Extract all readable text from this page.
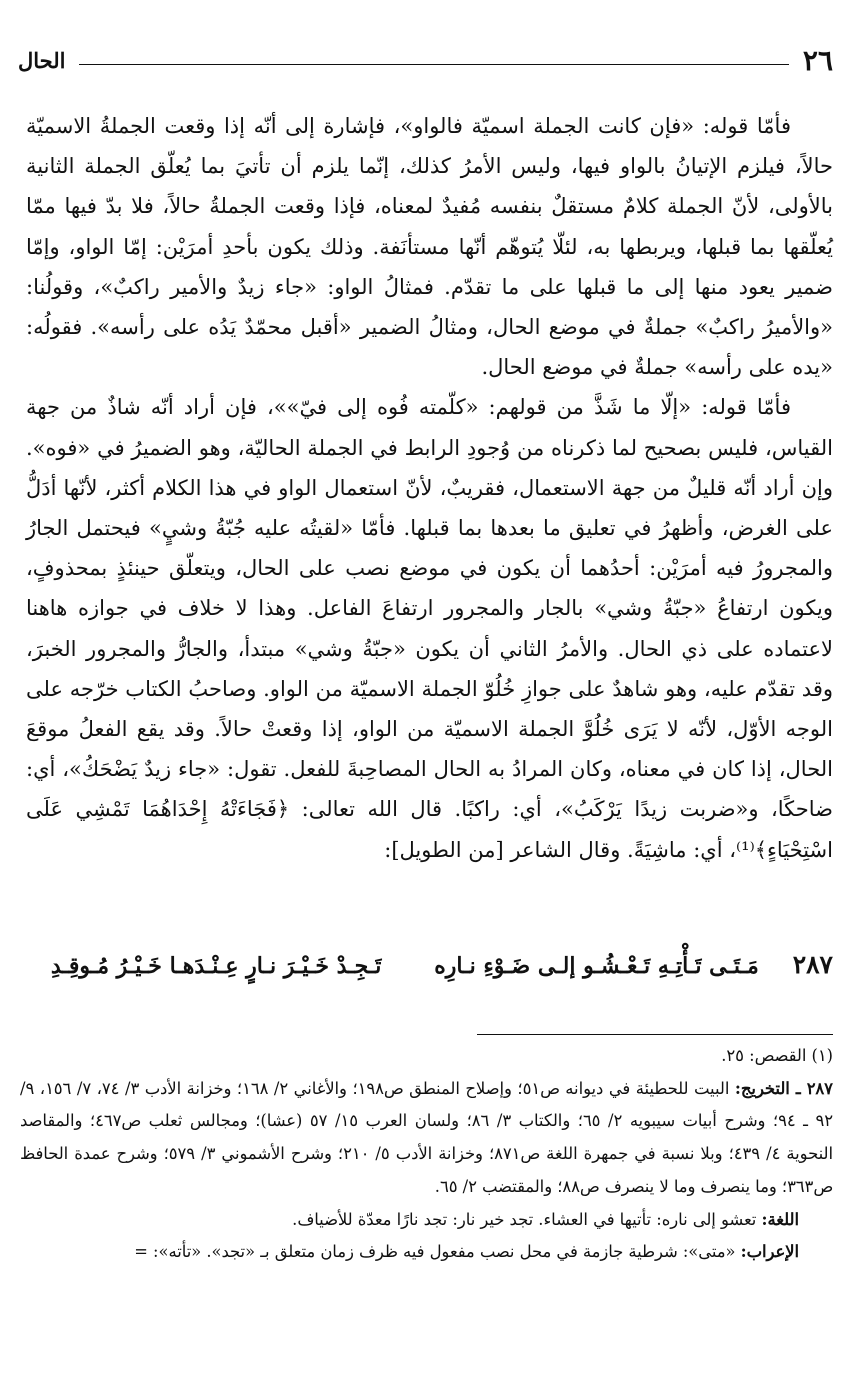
٢٦
الحال

فأمّا قوله: «فإن كانت الجملة اسميّة فالواو»، فإشارة إلى أنّه إذا وقعت الجملةُ الاسميّة حالاً، فيلزم الإتيانُ بالواو فيها، وليس الأمرُ كذلك، إنّما يلزم أن تأتيَ بما يُعلّق الجملة الثانية بالأولى، لأنّ الجملة كلامٌ مستقلٌ بنفسه مُفيدٌ لمعناه، فإذا وقعت الجملةُ حالاً، فلا بدّ فيها ممّا يُعلّقها بما قبلها، ويربطها به، لئلّا يُتوهّم أنّها مستأنَفة. وذلك يكون بأحدِ أمرَيْن: إمّا الواو، وإمّا ضمير يعود منها إلى ما قبلها على ما تقدّم. فمثالُ الواو: «جاء زيدٌ والأمير راكبٌ»، وقولُنا: «والأميرُ راكبٌ» جملةٌ في موضع الحال، ومثالُ الضمير «أقبل محمّدٌ يَدُه على رأسه». فقولُه: «يده على رأسه» جملةٌ في موضع الحال.

فأمّا قوله: «إلّا ما شَذَّ من قولهم: «كلّمته فُوه إلى فيّ»»، فإن أراد أنّه شاذٌ من جهة القياس، فليس بصحيح لما ذكرناه من وُجودِ الرابط في الجملة الحاليّة، وهو الضميرُ في «فوه». وإن أراد أنّه قليلٌ من جهة الاستعمال، فقريبٌ، لأنّ استعمال الواو في هذا الكلام أكثر، لأنّها أدَلُّ على الغرض، وأظهرُ في تعليق ما بعدها بما قبلها. فأمّا «لقيتُه عليه جُبّةُ وشيٍ» فيحتمل الجارُ والمجرورُ فيه أمرَيْن: أحدُهما أن يكون في موضع نصب على الحال، ويتعلّق حينئذٍ بمحذوفٍ، ويكون ارتفاعُ «جبّةُ وشي» بالجار والمجرور ارتفاعَ الفاعل. وهذا لا خلاف في جوازه هاهنا لاعتماده على ذي الحال. والأمرُ الثاني أن يكون «جبّةُ وشي» مبتدأ، والجارُّ والمجرور الخبرَ، وقد تقدّم عليه، وهو شاهدٌ على جوازِ خُلُوّ الجملة الاسميّة من الواو. وصاحبُ الكتاب خرّجه على الوجه الأوّل، لأنّه لا يَرَى خُلُوَّ الجملة الاسميّة من الواو، إذا وقعتْ حالاً. وقد يقع الفعلُ موقعَ الحال، إذا كان في معناه، وكان المرادُ به الحال المصاحِبةَ للفعل. تقول: «جاء زيدٌ يَضْحَكُ»، أي: ضاحكًا، و«ضربت زيدًا يَرْكَبُ»، أي: راكبًا. قال الله تعالى: ﴿فَجَاءَتْهُ إِحْدَاهُمَا تَمْشِي عَلَى اسْتِحْيَاءٍ﴾⁽¹⁾، أي: ماشِيَةً. وقال الشاعر [من الطويل]:

٢٨٧
مَـتَـى تَـأْتِـهِ تَـعْـشُـو إلـى ضَـوْءِ نـارِه
تَـجِـدْ خَـيْـرَ نـارٍ عِـنْـدَهـا خَـيْـرُ مُـوقِـدِ

(١) القصص: ٢٥.

٢٨٧ ـ التخريج: البيت للحطيئة في ديوانه ص٥١؛ وإصلاح المنطق ص١٩٨؛ والأغاني ٢/ ١٦٨؛ وخزانة الأدب ٣/ ٧٤، ٧/ ١٥٦، ٩/ ٩٢ ـ ٩٤؛ وشرح أبيات سيبويه ٢/ ٦٥؛ والكتاب ٣/ ٨٦؛ ولسان العرب ١٥/ ٥٧ (عشا)؛ ومجالس ثعلب ص٤٦٧؛ والمقاصد النحوية ٤/ ٤٣٩؛ وبلا نسبة في جمهرة اللغة ص٨٧١؛ وخزانة الأدب ٥/ ٢١٠؛ وشرح الأشموني ٣/ ٥٧٩؛ وشرح عمدة الحافظ ص٣٦٣؛ وما ينصرف وما لا ينصرف ص٨٨؛ والمقتضب ٢/ ٦٥.

اللغة: تعشو إلى ناره: تأتيها في العشاء. تجد خير نار: تجد نارًا معدّة للأضياف.

الإعراب: «متى»: شرطية جازمة في محل نصب مفعول فيه ظرف زمان متعلق بـ «تجد». «تأته»: =
